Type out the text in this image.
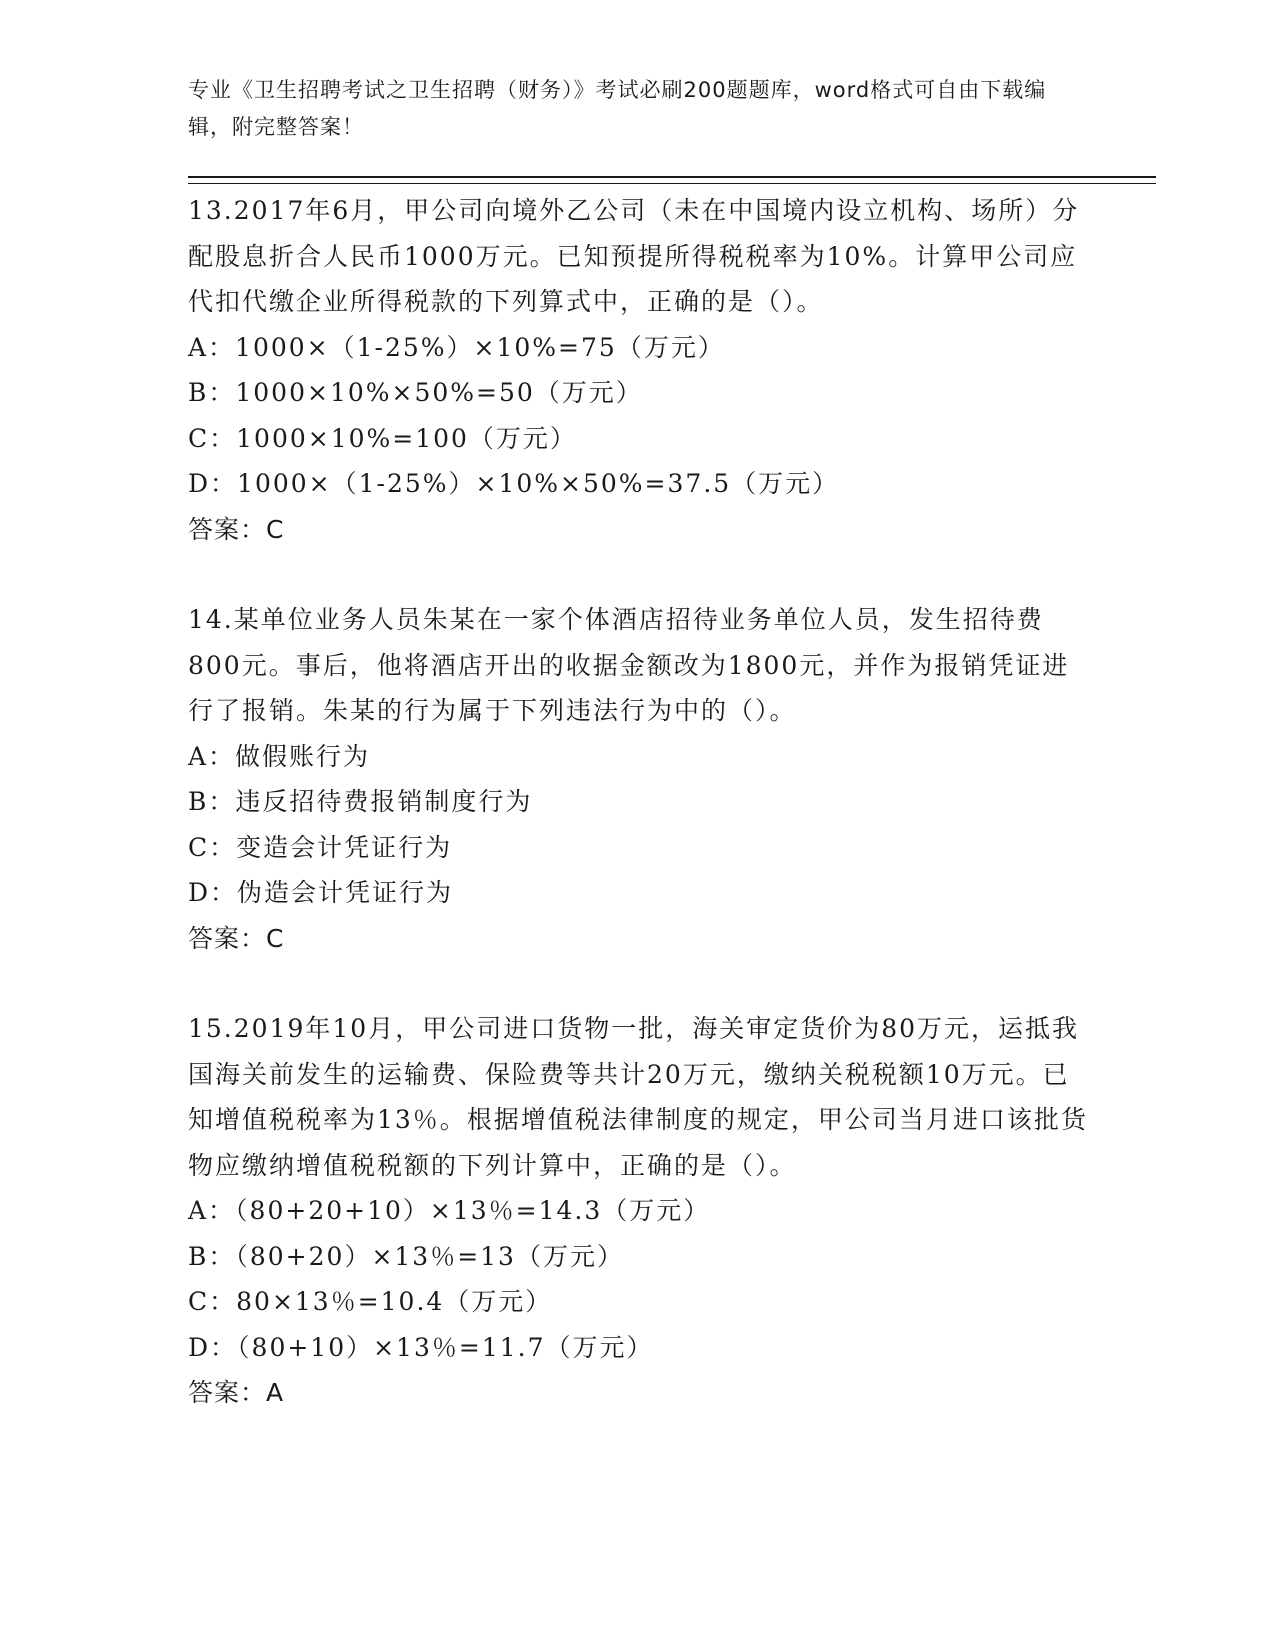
专业《卫生招聘考试之卫生招聘（财务）》考试必刷200题题库，word格式可自由下载编辑，附完整答案！

13.2017年6月，甲公司向境外乙公司（未在中国境内设立机构、场所）分配股息折合人民币1000万元。已知预提所得税税率为10%。计算甲公司应代扣代缴企业所得税款的下列算式中，正确的是（）。

A：1000×（1-25%）×10%=75（万元）

B：1000×10%×50%=50（万元）

C：1000×10%=100（万元）

D：1000×（1-25%）×10%×50%=37.5（万元）

答案：C

14.某单位业务人员朱某在一家个体酒店招待业务单位人员，发生招待费800元。事后，他将酒店开出的收据金额改为1800元，并作为报销凭证进行了报销。朱某的行为属于下列违法行为中的（）。

A：做假账行为

B：违反招待费报销制度行为

C：变造会计凭证行为

D：伪造会计凭证行为

答案：C

15.2019年10月，甲公司进口货物一批，海关审定货价为80万元，运抵我国海关前发生的运输费、保险费等共计20万元，缴纳关税税额10万元。已知增值税税率为13％。根据增值税法律制度的规定，甲公司当月进口该批货物应缴纳增值税税额的下列计算中，正确的是（）。

A：（80+20+10）×13％=14.3（万元）

B：（80+20）×13％=13（万元）

C：80×13％=10.4（万元）

D：（80+10）×13％=11.7（万元）

答案：A
